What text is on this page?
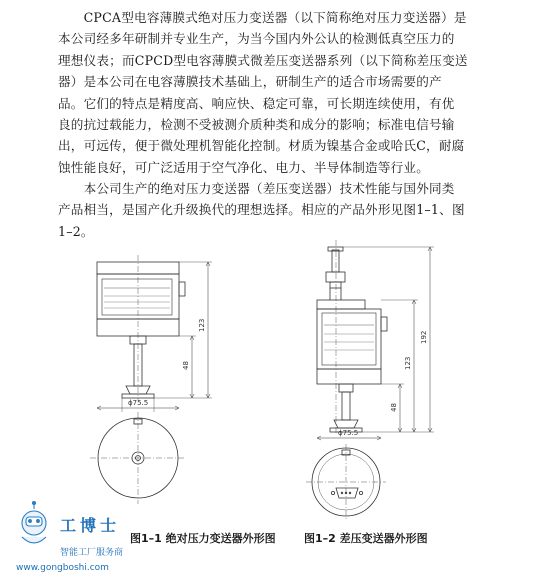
　　CPCA型电容薄膜式绝对压力变送器（以下简称绝对压力变送器）是
本公司经多年研制并专业生产，为当今国内外公认的检测低真空压力的
理想仪表；而CPCD型电容薄膜式微差压变送器系列（以下简称差压变送
器）是本公司在电容薄膜技术基础上，研制生产的适合市场需要的产
品。它们的特点是精度高、响应快、稳定可靠，可长期连续使用，有优
良的抗过载能力，检测不受被测介质种类和成分的影响；标准电信号输
出，可远传，便于微处理机智能化控制。材质为镍基合金或哈氏C，耐腐
蚀性能良好，可广泛适用于空气净化、电力、半导体制造等行业。
　　本公司生产的绝对压力变送器（差压变送器）技术性能与国外同类
产品相当，是国产化升级换代的理想选择。相应的产品外形见图1–1、图
1–2。
123
48
ϕ75.5
192
123
48
ϕ75.5
图1–1 绝对压力变送器外形图	图1–2 差压变送器外形图
工博士
智能工厂服务商
www.gongboshi.com
